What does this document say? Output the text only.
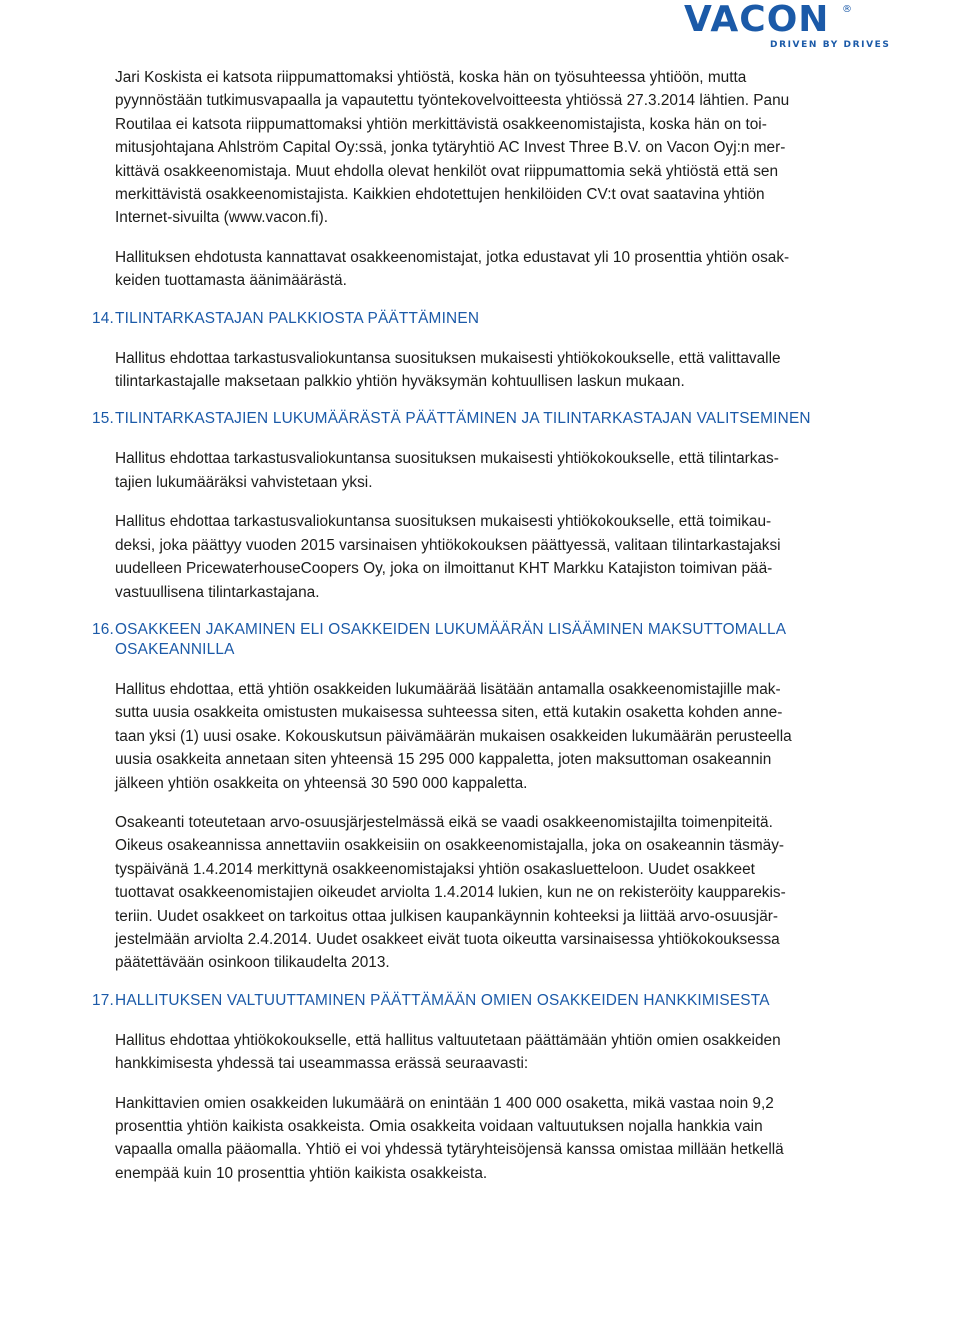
VACON ®
DRIVEN BY DRIVES

Jari Koskista ei katsota riippumattomaksi yhtiöstä, koska hän on työsuhteessa yhtiöön, mutta

pyynnöstään tutkimusvapaalla ja vapautettu työntekovelvoitteesta yhtiössä 27.3.2014 lähtien. Panu

Routilaa ei katsota riippumattomaksi yhtiön merkittävistä osakkeenomistajista, koska hän on toi-

mitusjohtajana Ahlström Capital Oy:ssä, jonka tytäryhtiö AC Invest Three B.V. on Vacon Oyj:n mer-

kittävä osakkeenomistaja. Muut ehdolla olevat henkilöt ovat riippumattomia sekä yhtiöstä että sen

merkittävistä osakkeenomistajista. Kaikkien ehdotettujen henkilöiden CV:t ovat saatavina yhtiön

Internet-sivuilta (www.vacon.fi).

Hallituksen ehdotusta kannattavat osakkeenomistajat, jotka edustavat yli 10 prosenttia yhtiön osak-

keiden tuottamasta äänimäärästä.

14. TILINTARKASTAJAN PALKKIOSTA PÄÄTTÄMINEN

Hallitus ehdottaa tarkastusvaliokuntansa suosituksen mukaisesti yhtiökokoukselle, että valittavalle

tilintarkastajalle maksetaan palkkio yhtiön hyväksymän kohtuullisen laskun mukaan.

15. TILINTARKASTAJIEN LUKUMÄÄRÄSTÄ PÄÄTTÄMINEN JA TILINTARKASTAJAN VALITSEMINEN

Hallitus ehdottaa tarkastusvaliokuntansa suosituksen mukaisesti yhtiökokoukselle, että tilintarkas-

tajien lukumääräksi vahvistetaan yksi.

Hallitus ehdottaa tarkastusvaliokuntansa suosituksen mukaisesti yhtiökokoukselle, että toimikau-

deksi, joka päättyy vuoden 2015 varsinaisen yhtiökokouksen päättyessä, valitaan tilintarkastajaksi

uudelleen PricewaterhouseCoopers Oy, joka on ilmoittanut KHT Markku Katajiston toimivan pää-

vastuullisena tilintarkastajana.

16. OSAKKEEN JAKAMINEN ELI OSAKKEIDEN LUKUMÄÄRÄN LISÄÄMINEN MAKSUTTOMALLA
OSAKEANNILLA

Hallitus ehdottaa, että yhtiön osakkeiden lukumäärää lisätään antamalla osakkeenomistajille mak-

sutta uusia osakkeita omistusten mukaisessa suhteessa siten, että kutakin osaketta kohden anne-

taan yksi (1) uusi osake. Kokouskutsun päivämäärän mukaisen osakkeiden lukumäärän perusteella

uusia osakkeita annetaan siten yhteensä 15 295 000 kappaletta, joten maksuttoman osakeannin

jälkeen yhtiön osakkeita on yhteensä 30 590 000 kappaletta.

Osakeanti toteutetaan arvo-osuusjärjestelmässä eikä se vaadi osakkeenomistajilta toimenpiteitä.

Oikeus osakeannissa annettaviin osakkeisiin on osakkeenomistajalla, joka on osakeannin täsmäy-

tyspäivänä 1.4.2014 merkittynä osakkeenomistajaksi yhtiön osakasluetteloon. Uudet osakkeet

tuottavat osakkeenomistajien oikeudet arviolta 1.4.2014 lukien, kun ne on rekisteröity kaupparekis-

teriin. Uudet osakkeet on tarkoitus ottaa julkisen kaupankäynnin kohteeksi ja liittää arvo-osuusjär-

jestelmään arviolta 2.4.2014. Uudet osakkeet eivät tuota oikeutta varsinaisessa yhtiökokouksessa

päätettävään osinkoon tilikaudelta 2013.

17. HALLITUKSEN VALTUUTTAMINEN PÄÄTTÄMÄÄN OMIEN OSAKKEIDEN HANKKIMISESTA

Hallitus ehdottaa yhtiökokoukselle, että hallitus valtuutetaan päättämään yhtiön omien osakkeiden

hankkimisesta yhdessä tai useammassa erässä seuraavasti:

Hankittavien omien osakkeiden lukumäärä on enintään 1 400 000 osaketta, mikä vastaa noin 9,2

prosenttia yhtiön kaikista osakkeista. Omia osakkeita voidaan valtuutuksen nojalla hankkia vain

vapaalla omalla pääomalla. Yhtiö ei voi yhdessä tytäryhteisöjensä kanssa omistaa millään hetkellä

enempää kuin 10 prosenttia yhtiön kaikista osakkeista.
